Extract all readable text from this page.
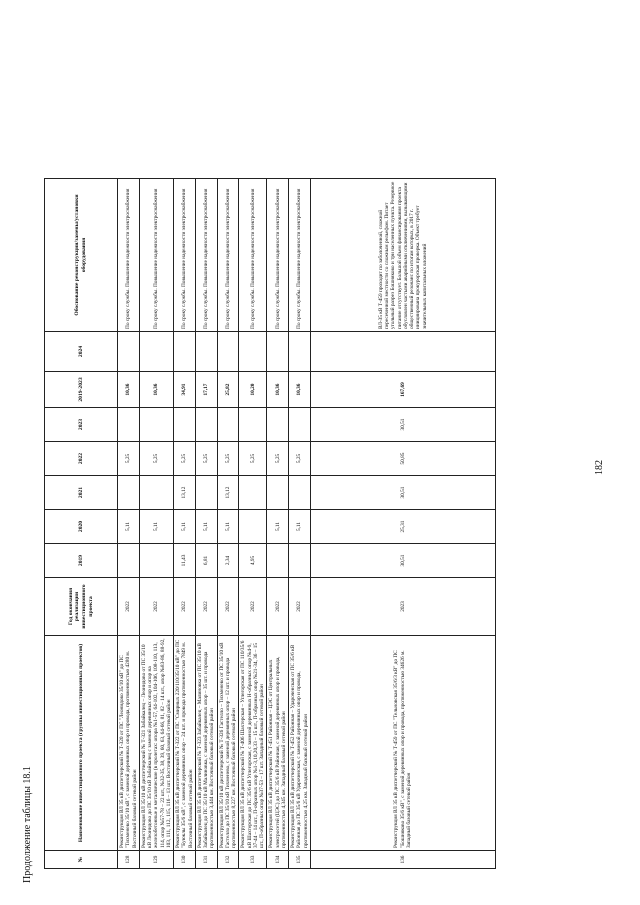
Продолжение таблицы 18.1	№	Наименование инвестиционного проекта (группы инвестиционных проектов)	Год окончания реализации инвестиционного проекта	2019	2020	2021	2022	2023	2019-2023	2024	Обоснование реконструкции/замены/установки оборудования
128	Реконструкция ВЛ 35 кВ диспетчерский № Т-320 от ПС "Леонидово 35/10 кВ" до ПС "Тихменево 35/10 кВ", с заменой деревянных опор и провода, протяженностью 4280 м. Восточный базовый сетевой район	2022		5,11		5,25		10,36		По сроку службы. Повышение надежности электроснабжения
129	Реконструкция ВЛ 35/10 кВ диспетчерский № Т-321 Забайкалец – Леонидово от ПС 35/10 кВ Леонидово до ПС 35/10 кВ Забайкалец с заменой деревянных опор и опор на железобетонные и металлические (в пролетах: опора №1-57, 64-102, 104-106, 108-110, 113, 114, опор №57-78 – 22 шт., №32-35, 38, 39, 60, 63, 64-66, 81, 82 – 14 шт., опор №83-86, 88-92, 103, 111, 112, 115, 116 – 13 шт. Восточный базовый сетевой район	2022		5,11		5,25		10,36		По сроку службы. Повышение надежности электроснабжения
130	Реконструкция ВЛ 35 кВ диспетчерский № Т-322 от ПС "Смирных 220/110/35/10 кВ" до ПС "Буюклы 35/6 кВ", с заменой деревянных опор – 24 шт. и провода протяженностью 7849 м. Восточный базовый сетевой район	2022	11,43	5,11	13,12	5,25		34,91		По сроку службы. Повышение надежности электроснабжения
131	Реконструкция ВЛ 35 кВ диспетчерский № Т-323 Забайкалец – Малиновка от ПС 35/10 кВ Забайкалец до ПС 35/10 кВ Малиновка, с заменой деревянных опор – 35 шт. и провода протяженностью 3,444 км. Восточный базовый сетевой район	2022	6,81	5,11		5,25		17,17		По сроку службы. Повышение надежности электроснабжения
132	Реконструкция ВЛ 35/10 кВ диспетчерский № Т-326 Гастелло – Тихменево от ПС 35/10 кВ Гастелло до ПС 35/10 кВ Тихменево, с заменой деревянных опор – 12 шт. и провода протяженностью 8,227 км. Восточный базовый сетевой район	2022	2,34	5,11	13,12	5,25		25,82		По сроку службы. Повышение надежности электроснабжения
133	Реконструкция ВЛ 35 кВ диспетчерский № Т-406 Шахтерская – Углегорская от ПС 110/35/6 кВ Шахтерская до ПС 35/6 кВ Углегорская, с заменой деревянных Н-образных опор №4-9, 37-44 – 14 шт., П-образных опор №1-3,10,20,33 – 15 шт., П-образных опор №21-34, 36 – 15 шт., П-образных опор №37-53 – 17 шт. Западный базовый сетевой район	2022	4,95			5,25		10,20		По сроку службы. Повышение надежности электроснабжения
134	Реконструкция ВЛ 35 кВ диспетчерский № Т-451 Районная – ЦЭС от Центральных электросетей (ЦЭС) до ПС 35/6 кВ Районная, с заменой деревянных опор и провода, протяженностью 4,345 км. Западный базовый сетевой район	2022		5,11		5,25		10,36		По сроку службы. Повышение надежности электроснабжения
135	Реконструкция ВЛ 35 кВ диспетчерский № Т-452 Районная – Удароченская от ПС 35/6 кВ Районная до ПС 35/6 кВ Удароченская, с заменой деревянных опор и провода, протяженностью 4,25 км. Западный базовый сетевой район	2022		5,11		5,25		10,36		По сроку службы. Повышение надежности электроснабжения
136	Реконструкция ВЛ 35 кВ диспетчерский № Т-459 от ПС "Тельновская 35/6/3 кВ" до ПС "Бошняково 35/6 кВ", с заменой деревянных опор и провода, протяженностью 34626 м. Западный базовый сетевой район	2023	30,51	25,31	30,51	50,85	30,51	167,69		ВЛ-35 кВ Т-459 проходит по заболоченной, сложной пересеченной местности со сложным рельефом. Питает угольный разрез Бошняково и три населенных пункта. Резервное питание отсутствует. Большой объем финансирования проекта обусловлен частыми аварийными отключениями, вызывающими общественный резонанс по итогам которых, в 2017 г. инициирована прокурорская проверка. Объект требует значительных капитальных вложений
182
